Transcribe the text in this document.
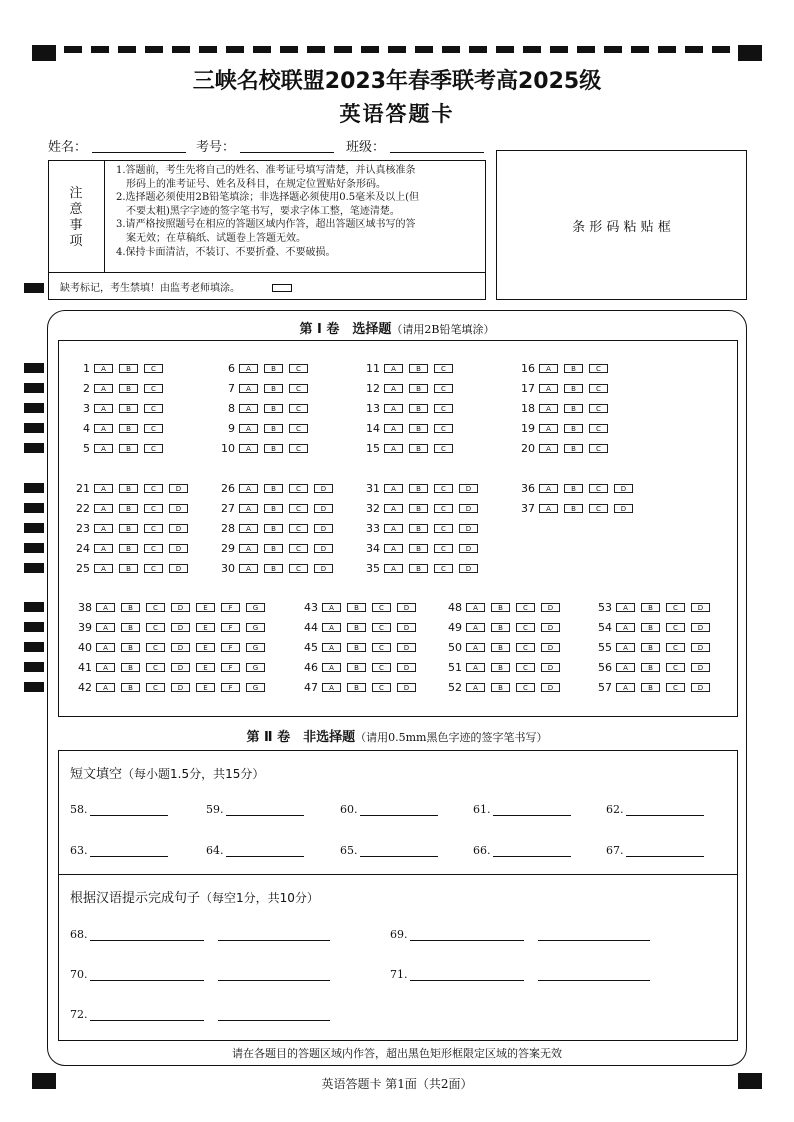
三峡名校联盟2023年春季联考高2025级
英语答题卡
姓名：	考号：	班级：
注
意
事
项
1.答题前，考生先将自己的姓名、准考证号填写清楚，并认真核准条
形码上的准考证号、姓名及科目，在规定位置贴好条形码。
2.选择题必须使用2B铅笔填涂；非选择题必须使用0.5毫米及以上(但
不要太粗)黑字字迹的签字笔书写，要求字体工整，笔迹清楚。
3.请严格按照题号在相应的答题区域内作答，超出答题区域书写的答
案无效；在草稿纸、试题卷上答题无效。
4.保持卡面清洁，不装订、不要折叠、不要破损。
缺考标记，考生禁填！由监考老师填涂。
条 形 码 粘 贴 框
第 Ⅰ 卷　选择题（请用2B铅笔填涂）
1	A	B	C
2	A	B	C
3	A	B	C
4	A	B	C
5	A	B	C
6	A	B	C
7	A	B	C
8	A	B	C
9	A	B	C
10	A	B	C
11	A	B	C
12	A	B	C
13	A	B	C
14	A	B	C
15	A	B	C
16	A	B	C
17	A	B	C
18	A	B	C
19	A	B	C
20	A	B	C
21	A	B	C	D
22	A	B	C	D
23	A	B	C	D
24	A	B	C	D
25	A	B	C	D
26	A	B	C	D
27	A	B	C	D
28	A	B	C	D
29	A	B	C	D
30	A	B	C	D
31	A	B	C	D
32	A	B	C	D
33	A	B	C	D
34	A	B	C	D
35	A	B	C	D
36	A	B	C	D
37	A	B	C	D
38	A	B	C	D	E	F	G
39	A	B	C	D	E	F	G
40	A	B	C	D	E	F	G
41	A	B	C	D	E	F	G
42	A	B	C	D	E	F	G
43	A	B	C	D
44	A	B	C	D
45	A	B	C	D
46	A	B	C	D
47	A	B	C	D
48	A	B	C	D
49	A	B	C	D
50	A	B	C	D
51	A	B	C	D
52	A	B	C	D
53	A	B	C	D
54	A	B	C	D
55	A	B	C	D
56	A	B	C	D
57	A	B	C	D
第 Ⅱ 卷　非选择题（请用0.5mm黑色字迹的签字笔书写）
短文填空（每小题1.5分，共15分）
58.	59.	60.	61.	62.
63.	64.	65.	66.	67.
根据汉语提示完成句子（每空1分，共10分）
68.	69.
70.	71.
72.
请在各题目的答题区域内作答，超出黑色矩形框限定区域的答案无效
英语答题卡 第1面（共2面）
